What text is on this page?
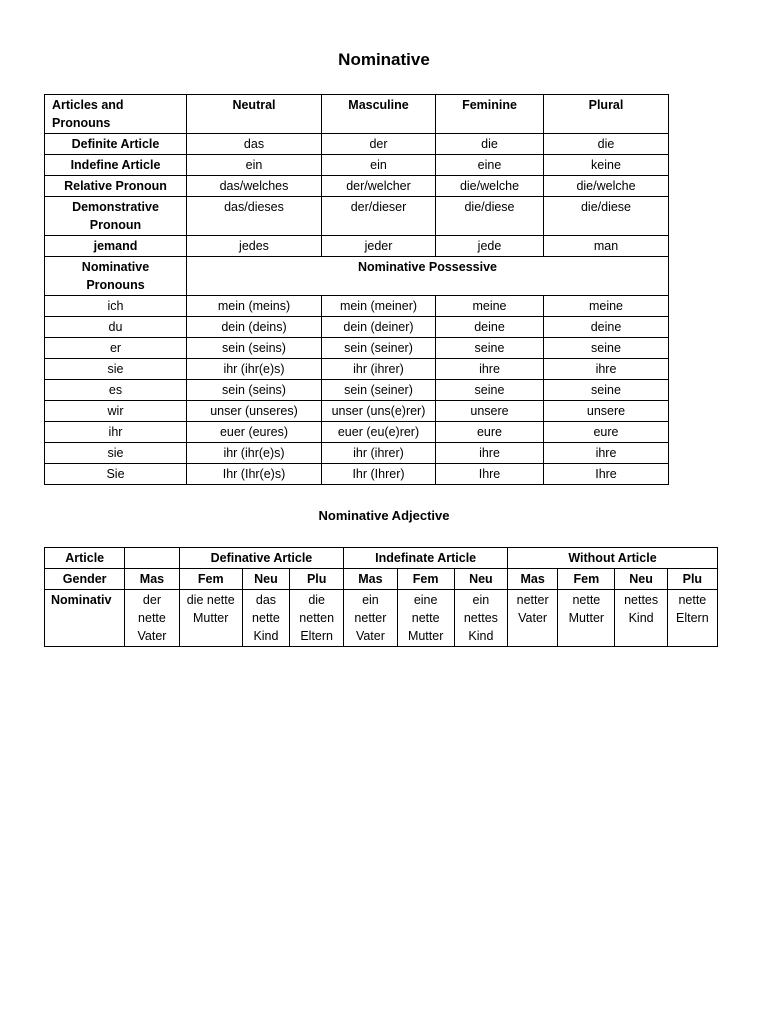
Nominative
Articles and Pronouns	Neutral	Masculine	Feminine	Plural
Definite Article	das	der	die	die
Indefine Article	ein	ein	eine	keine
Relative Pronoun	das/welches	der/welcher	die/welche	die/welche
Demonstrative Pronoun	das/dieses	der/dieser	die/diese	die/diese
jemand	jedes	jeder	jede	man
Nominative Pronouns	Nominative Possessive			
ich	mein (meins)	mein (meiner)	meine	meine
du	dein (deins)	dein (deiner)	deine	deine
er	sein (seins)	sein (seiner)	seine	seine
sie	ihr (ihr(e)s)	ihr (ihrer)	ihre	ihre
es	sein (seins)	sein (seiner)	seine	seine
wir	unser (unseres)	unser (uns(e)rer)	unsere	unsere
ihr	euer (eures)	euer (eu(e)rer)	eure	eure
sie	ihr (ihr(e)s)	ihr (ihrer)	ihre	ihre
Sie	Ihr (Ihr(e)s)	Ihr (Ihrer)	Ihre	Ihre
Nominative Adjective
Article		Definative Article			Indefinate Article			Without Article			
Gender	Mas	Fem	Neu	Plu	Mas	Fem	Neu	Mas	Fem	Neu	Plu
Nominativ	der nette Vater	die nette Mutter	das nette Kind	die netten Eltern	ein netter Vater	eine nette Mutter	ein nettes Kind	netter Vater	nette Mutter	nettes Kind	nette Eltern
